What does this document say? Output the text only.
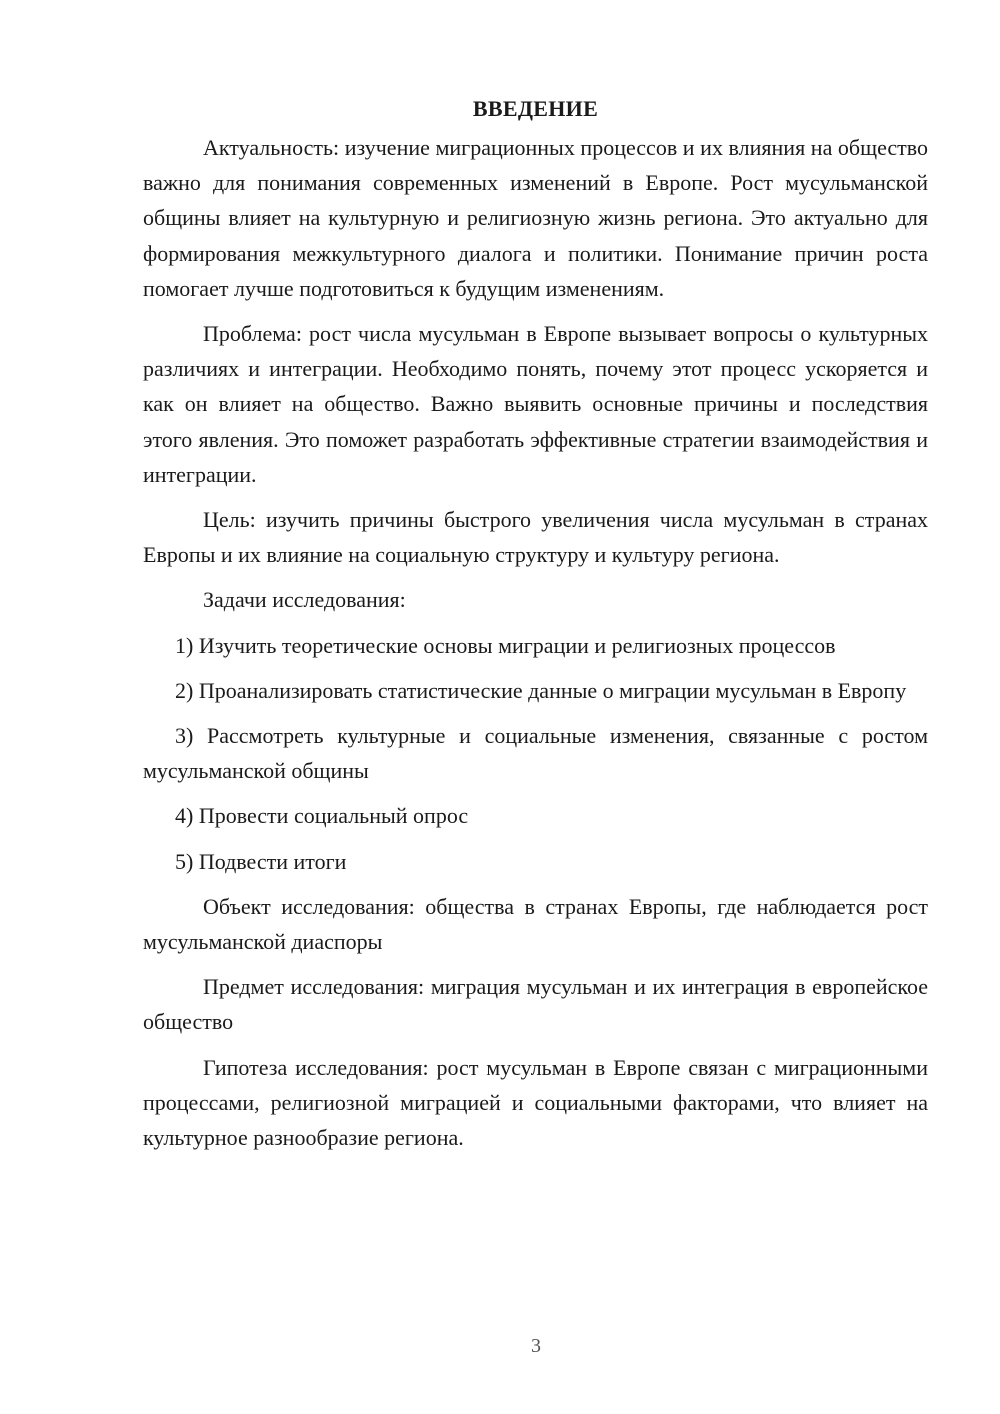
ВВЕДЕНИЕ

Актуальность: изучение миграционных процессов и их влияния на общество важно для понимания современных изменений в Европе. Рост мусульманской общины влияет на культурную и религиозную жизнь региона. Это актуально для формирования межкультурного диалога и политики. Понимание причин роста помогает лучше подготовиться к будущим изменениям.

Проблема: рост числа мусульман в Европе вызывает вопросы о культурных различиях и интеграции. Необходимо понять, почему этот процесс ускоряется и как он влияет на общество. Важно выявить основные причины и последствия этого явления. Это поможет разработать эффективные стратегии взаимодействия и интеграции.

Цель: изучить причины быстрого увеличения числа мусульман в странах Европы и их влияние на социальную структуру и культуру региона.

Задачи исследования:

1) Изучить теоретические основы миграции и религиозных процессов

2) Проанализировать статистические данные о миграции мусульман в Европу

3) Рассмотреть культурные и социальные изменения, связанные с ростом мусульманской общины

4) Провести социальный опрос

5) Подвести итоги

Объект исследования: общества в странах Европы, где наблюдается рост мусульманской диаспоры

Предмет исследования: миграция мусульман и их интеграция в европейское общество

Гипотеза исследования: рост мусульман в Европе связан с миграционными процессами, религиозной миграцией и социальными факторами, что влияет на культурное разнообразие региона.

3
